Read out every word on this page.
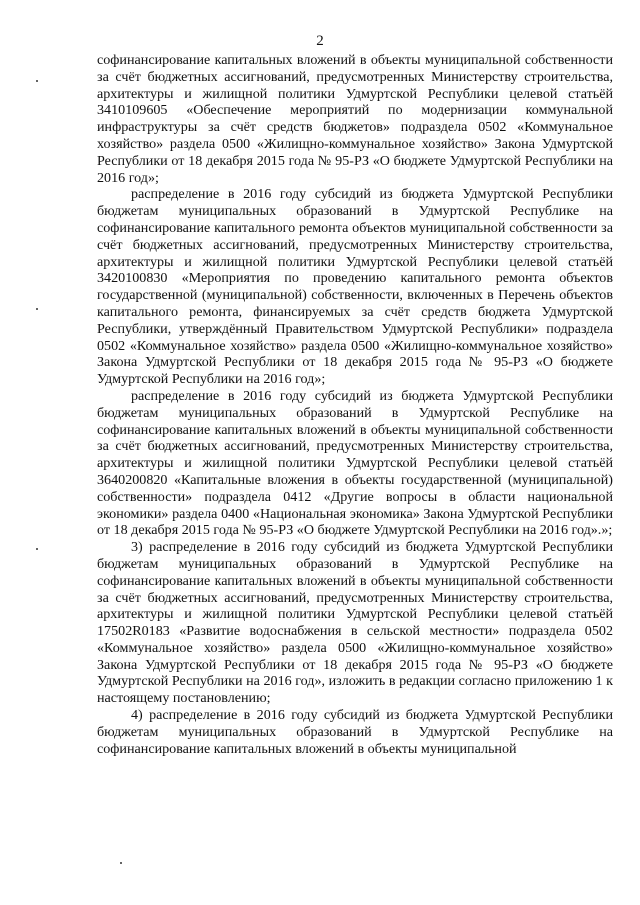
2

софинансирование капитальных вложений в объекты муниципальной собственности за счёт бюджетных ассигнований, предусмотренных Министерству строительства, архитектуры и жилищной политики Удмуртской Республики целевой статьёй 3410109605 «Обеспечение мероприятий по модернизации коммунальной инфраструктуры за счёт средств бюджетов» подраздела 0502 «Коммунальное хозяйство» раздела 0500 «Жилищно-коммунальное хозяйство» Закона Удмуртской Республики от 18 декабря 2015 года № 95-РЗ «О бюджете Удмуртской Республики на 2016 год»;

распределение в 2016 году субсидий из бюджета Удмуртской Республики бюджетам муниципальных образований в Удмуртской Республике на софинансирование капитального ремонта объектов муниципальной собственности за счёт бюджетных ассигнований, предусмотренных Министерству строительства, архитектуры и жилищной политики Удмуртской Республики целевой статьёй 3420100830 «Мероприятия по проведению капитального ремонта объектов государственной (муниципальной) собственности, включенных в Перечень объектов капитального ремонта, финансируемых за счёт средств бюджета Удмуртской Республики, утверждённый Правительством Удмуртской Республики» подраздела 0502 «Коммунальное хозяйство» раздела 0500 «Жилищно-коммунальное хозяйство» Закона Удмуртской Республики от 18 декабря 2015 года № 95-РЗ «О бюджете Удмуртской Республики на 2016 год»;

распределение в 2016 году субсидий из бюджета Удмуртской Республики бюджетам муниципальных образований в Удмуртской Республике на софинансирование капитальных вложений в объекты муниципальной собственности за счёт бюджетных ассигнований, предусмотренных Министерству строительства, архитектуры и жилищной политики Удмуртской Республики целевой статьёй 3640200820 «Капитальные вложения в объекты государственной (муниципальной) собственности» подраздела 0412 «Другие вопросы в области национальной экономики» раздела 0400 «Национальная экономика» Закона Удмуртской Республики от 18 декабря 2015 года № 95-РЗ «О бюджете Удмуртской Республики на 2016 год».»;

3) распределение в 2016 году субсидий из бюджета Удмуртской Республики бюджетам муниципальных образований в Удмуртской Республике на софинансирование капитальных вложений в объекты муниципальной собственности за счёт бюджетных ассигнований, предусмотренных Министерству строительства, архитектуры и жилищной политики Удмуртской Республики целевой статьёй 17502R0183 «Развитие водоснабжения в сельской местности» подраздела 0502 «Коммунальное хозяйство» раздела 0500 «Жилищно-коммунальное хозяйство» Закона Удмуртской Республики от 18 декабря 2015 года № 95-РЗ «О бюджете Удмуртской Республики на 2016 год», изложить в редакции согласно приложению 1 к настоящему постановлению;

4) распределение в 2016 году субсидий из бюджета Удмуртской Республики бюджетам муниципальных образований в Удмуртской Республике на софинансирование капитальных вложений в объекты муниципальной
